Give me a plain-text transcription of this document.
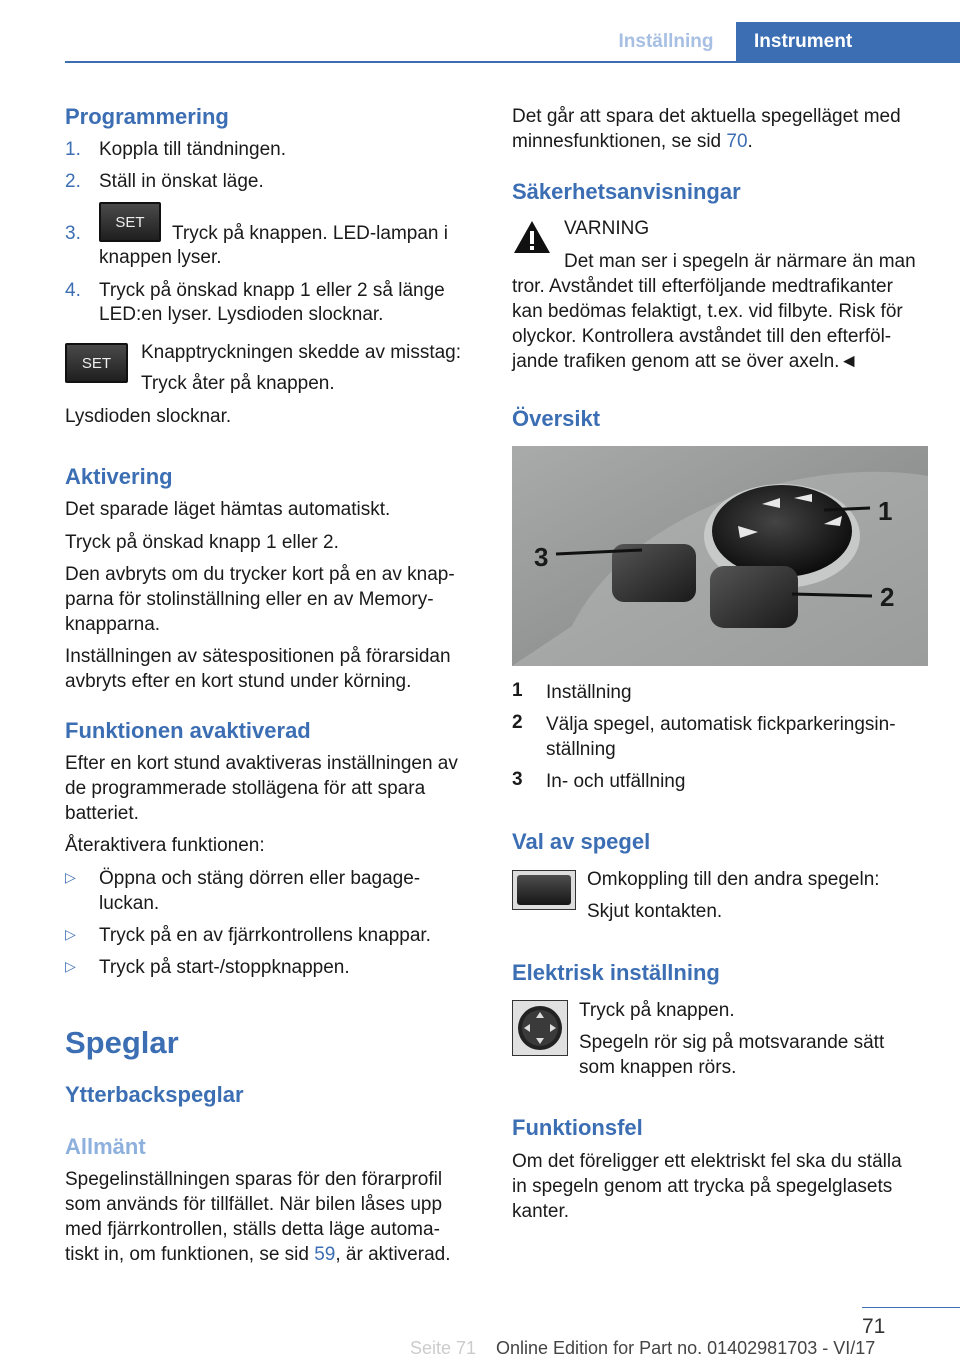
Inställning	Instrument
Programmering
1. Koppla till tändningen.
2. Ställ in önskat läge.
3.
SET
Tryck på knappen. LED-lampan i
knappen lyser.
4. Tryck på önskad knapp 1 eller 2 så länge
LED:en lyser. Lysdioden slocknar.
SET Knapptryckningen skedde av misstag:
Tryck åter på knappen.
Lysdioden slocknar.
Aktivering
Det sparade läget hämtas automatiskt.
Tryck på önskad knapp 1 eller 2.
Den avbryts om du trycker kort på en av knap-
parna för stolinställning eller en av Memory-
knapparna.
Inställningen av sätespositionen på förarsidan
avbryts efter en kort stund under körning.
Funktionen avaktiverad
Efter en kort stund avaktiveras inställningen av
de programmerade stollägena för att spara
batteriet.
Återaktivera funktionen:
▷ Öppna och stäng dörren eller bagage-
luckan.
▷ Tryck på en av fjärrkontrollens knappar.
▷ Tryck på start-/stoppknappen.
Speglar
Ytterbackspeglar
Allmänt
Spegelinställningen sparas för den förarprofil
som används för tillfället. När bilen låses upp
med fjärrkontrollen, ställs detta läge automa-
tiskt in, om funktionen, se sid 59, är aktiverad.
Det går att spara det aktuella spegelläget med
minnesfunktionen, se sid 70.
Säkerhetsanvisningar
VARNING
Det man ser i spegeln är närmare än man
tror. Avståndet till efterföljande medtrafikanter
kan bedömas felaktigt, t.ex. vid filbyte. Risk för
olyckor. Kontrollera avståndet till den efterföl-
jande trafiken genom att se över axeln.◄
Översikt
1
2
3
1 Inställning
2 Välja spegel, automatisk fickparkeringsin-
ställning
3 In- och utfällning
Val av spegel
Omkoppling till den andra spegeln:
Skjut kontakten.
Elektrisk inställning
Tryck på knappen.
Spegeln rör sig på motsvarande sätt
som knappen rörs.
Funktionsfel
Om det föreligger ett elektriskt fel ska du ställa
in spegeln genom att trycka på spegelglasets
kanter.
71
Online Edition for Part no. 01402981703 - VI/17
Seite 71
